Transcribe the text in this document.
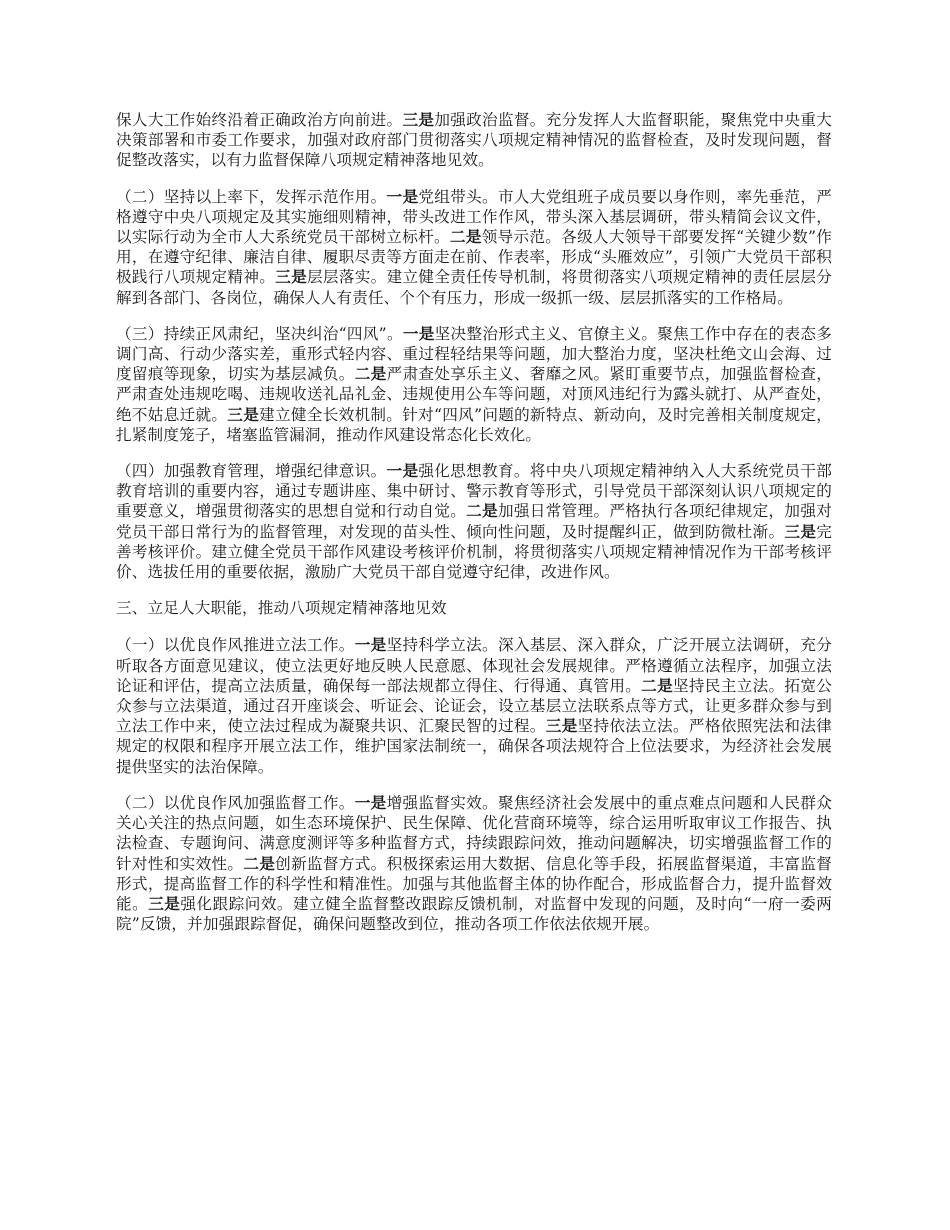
保人大工作始终沿着正确政治方向前进。三是加强政治监督。充分发挥人大监督职能，聚焦党中央重大决策部署和市委工作要求，加强对政府部门贯彻落实八项规定精神情况的监督检查，及时发现问题，督促整改落实，以有力监督保障八项规定精神落地见效。

（二）坚持以上率下，发挥示范作用。一是党组带头。市人大党组班子成员要以身作则，率先垂范，严格遵守中央八项规定及其实施细则精神，带头改进工作作风，带头深入基层调研，带头精简会议文件，以实际行动为全市人大系统党员干部树立标杆。二是领导示范。各级人大领导干部要发挥“关键少数”作用，在遵守纪律、廉洁自律、履职尽责等方面走在前、作表率，形成“头雁效应”，引领广大党员干部积极践行八项规定精神。三是层层落实。建立健全责任传导机制，将贯彻落实八项规定精神的责任层层分解到各部门、各岗位，确保人人有责任、个个有压力，形成一级抓一级、层层抓落实的工作格局。

（三）持续正风肃纪，坚决纠治“四风”。一是坚决整治形式主义、官僚主义。聚焦工作中存在的表态多调门高、行动少落实差，重形式轻内容、重过程轻结果等问题，加大整治力度，坚决杜绝文山会海、过度留痕等现象，切实为基层减负。二是严肃查处享乐主义、奢靡之风。紧盯重要节点，加强监督检查，严肃查处违规吃喝、违规收送礼品礼金、违规使用公车等问题，对顶风违纪行为露头就打、从严查处，绝不姑息迁就。三是建立健全长效机制。针对“四风”问题的新特点、新动向，及时完善相关制度规定，扎紧制度笼子，堵塞监管漏洞，推动作风建设常态化长效化。

（四）加强教育管理，增强纪律意识。一是强化思想教育。将中央八项规定精神纳入人大系统党员干部教育培训的重要内容，通过专题讲座、集中研讨、警示教育等形式，引导党员干部深刻认识八项规定的重要意义，增强贯彻落实的思想自觉和行动自觉。二是加强日常管理。严格执行各项纪律规定，加强对党员干部日常行为的监督管理，对发现的苗头性、倾向性问题，及时提醒纠正，做到防微杜渐。三是完善考核评价。建立健全党员干部作风建设考核评价机制，将贯彻落实八项规定精神情况作为干部考核评价、选拔任用的重要依据，激励广大党员干部自觉遵守纪律，改进作风。

三、立足人大职能，推动八项规定精神落地见效

（一）以优良作风推进立法工作。一是坚持科学立法。深入基层、深入群众，广泛开展立法调研，充分听取各方面意见建议，使立法更好地反映人民意愿、体现社会发展规律。严格遵循立法程序，加强立法论证和评估，提高立法质量，确保每一部法规都立得住、行得通、真管用。二是坚持民主立法。拓宽公众参与立法渠道，通过召开座谈会、听证会、论证会，设立基层立法联系点等方式，让更多群众参与到立法工作中来，使立法过程成为凝聚共识、汇聚民智的过程。三是坚持依法立法。严格依照宪法和法律规定的权限和程序开展立法工作，维护国家法制统一，确保各项法规符合上位法要求，为经济社会发展提供坚实的法治保障。

（二）以优良作风加强监督工作。一是增强监督实效。聚焦经济社会发展中的重点难点问题和人民群众关心关注的热点问题，如生态环境保护、民生保障、优化营商环境等，综合运用听取审议工作报告、执法检查、专题询问、满意度测评等多种监督方式，持续跟踪问效，推动问题解决，切实增强监督工作的针对性和实效性。二是创新监督方式。积极探索运用大数据、信息化等手段，拓展监督渠道，丰富监督形式，提高监督工作的科学性和精准性。加强与其他监督主体的协作配合，形成监督合力，提升监督效能。三是强化跟踪问效。建立健全监督整改跟踪反馈机制，对监督中发现的问题，及时向“一府一委两院”反馈，并加强跟踪督促，确保问题整改到位，推动各项工作依法依规开展。
